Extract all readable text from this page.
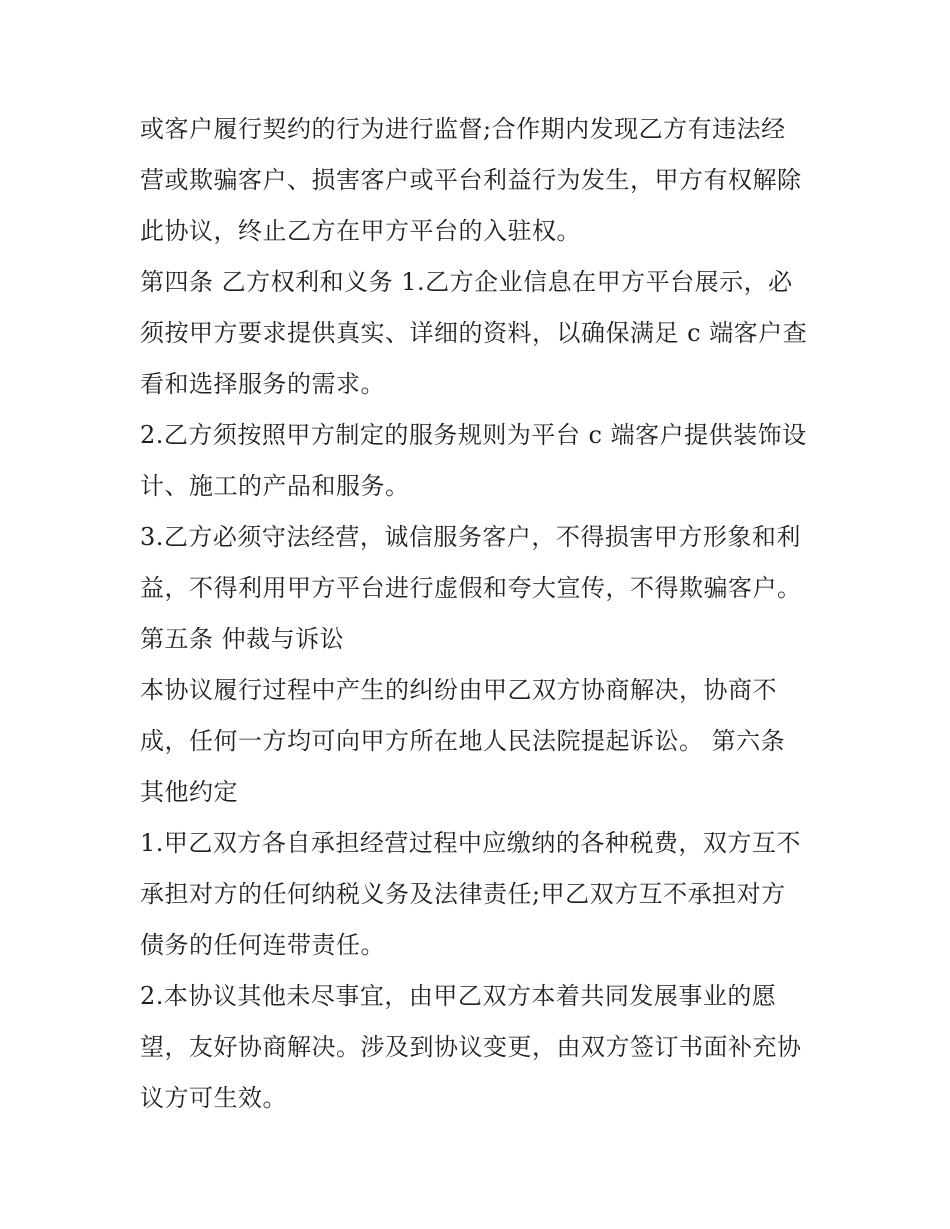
或客户履行契约的行为进行监督;合作期内发现乙方有违法经
营或欺骗客户、损害客户或平台利益行为发生，甲方有权解除
此协议，终止乙方在甲方平台的入驻权。
第四条 乙方权利和义务 1.乙方企业信息在甲方平台展示，必
须按甲方要求提供真实、详细的资料，以确保满足 c 端客户查
看和选择服务的需求。
2.乙方须按照甲方制定的服务规则为平台 c 端客户提供装饰设
计、施工的产品和服务。
3.乙方必须守法经营，诚信服务客户，不得损害甲方形象和利
益，不得利用甲方平台进行虚假和夸大宣传，不得欺骗客户。
第五条 仲裁与诉讼
本协议履行过程中产生的纠纷由甲乙双方协商解决，协商不
成，任何一方均可向甲方所在地人民法院提起诉讼。 第六条
其他约定
1.甲乙双方各自承担经营过程中应缴纳的各种税费，双方互不
承担对方的任何纳税义务及法律责任;甲乙双方互不承担对方
债务的任何连带责任。
2.本协议其他未尽事宜，由甲乙双方本着共同发展事业的愿
望，友好协商解决。涉及到协议变更，由双方签订书面补充协
议方可生效。
